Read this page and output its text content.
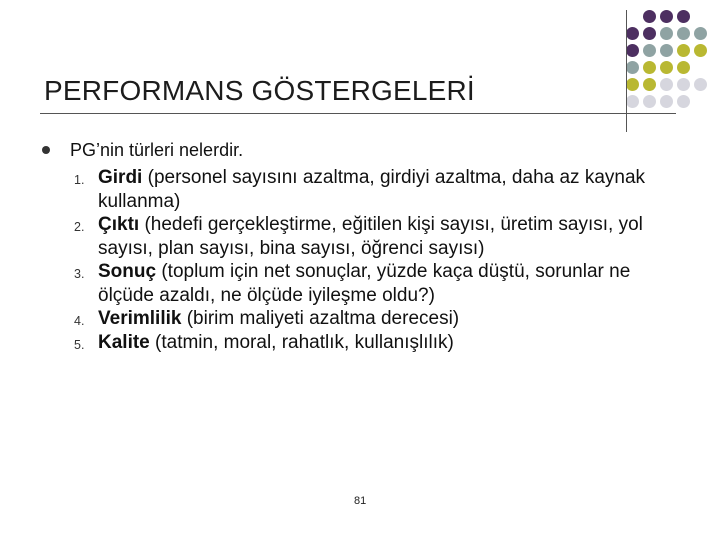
PERFORMANS GÖSTERGELERİ
PG’nin türleri nelerdir.
1. Girdi (personel sayısını azaltma, girdiyi azaltma, daha az kaynak kullanma)
2. Çıktı (hedefi gerçekleştirme, eğitilen kişi sayısı, üretim sayısı, yol sayısı, plan sayısı, bina sayısı, öğrenci sayısı)
3. Sonuç (toplum için net sonuçlar, yüzde kaça düştü, sorunlar ne ölçüde azaldı, ne ölçüde iyileşme oldu?)
4. Verimlilik (birim maliyeti azaltma derecesi)
5. Kalite (tatmin, moral, rahatlık, kullanışlılık)
81
